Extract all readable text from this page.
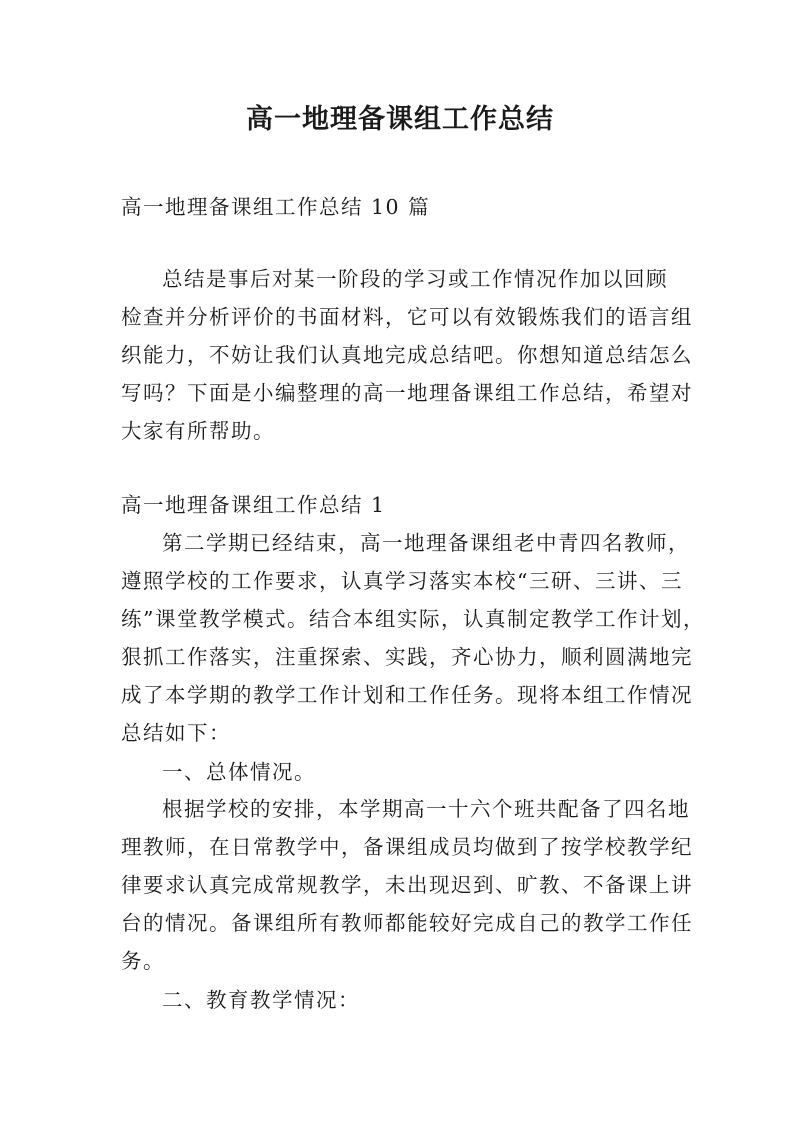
高一地理备课组工作总结
高一地理备课组工作总结 10 篇
总结是事后对某一阶段的学习或工作情况作加以回顾
检查并分析评价的书面材料，它可以有效锻炼我们的语言组
织能力，不妨让我们认真地完成总结吧。你想知道总结怎么
写吗？下面是小编整理的高一地理备课组工作总结，希望对
大家有所帮助。
高一地理备课组工作总结 1
第二学期已经结束，高一地理备课组老中青四名教师，
遵照学校的工作要求，认真学习落实本校“三研、三讲、三
练”课堂教学模式。结合本组实际，认真制定教学工作计划，
狠抓工作落实，注重探索、实践，齐心协力，顺利圆满地完
成了本学期的教学工作计划和工作任务。现将本组工作情况
总结如下：
一、总体情况。
根据学校的安排，本学期高一十六个班共配备了四名地
理教师，在日常教学中，备课组成员均做到了按学校教学纪
律要求认真完成常规教学，未出现迟到、旷教、不备课上讲
台的情况。备课组所有教师都能较好完成自己的教学工作任
务。
二、教育教学情况：
